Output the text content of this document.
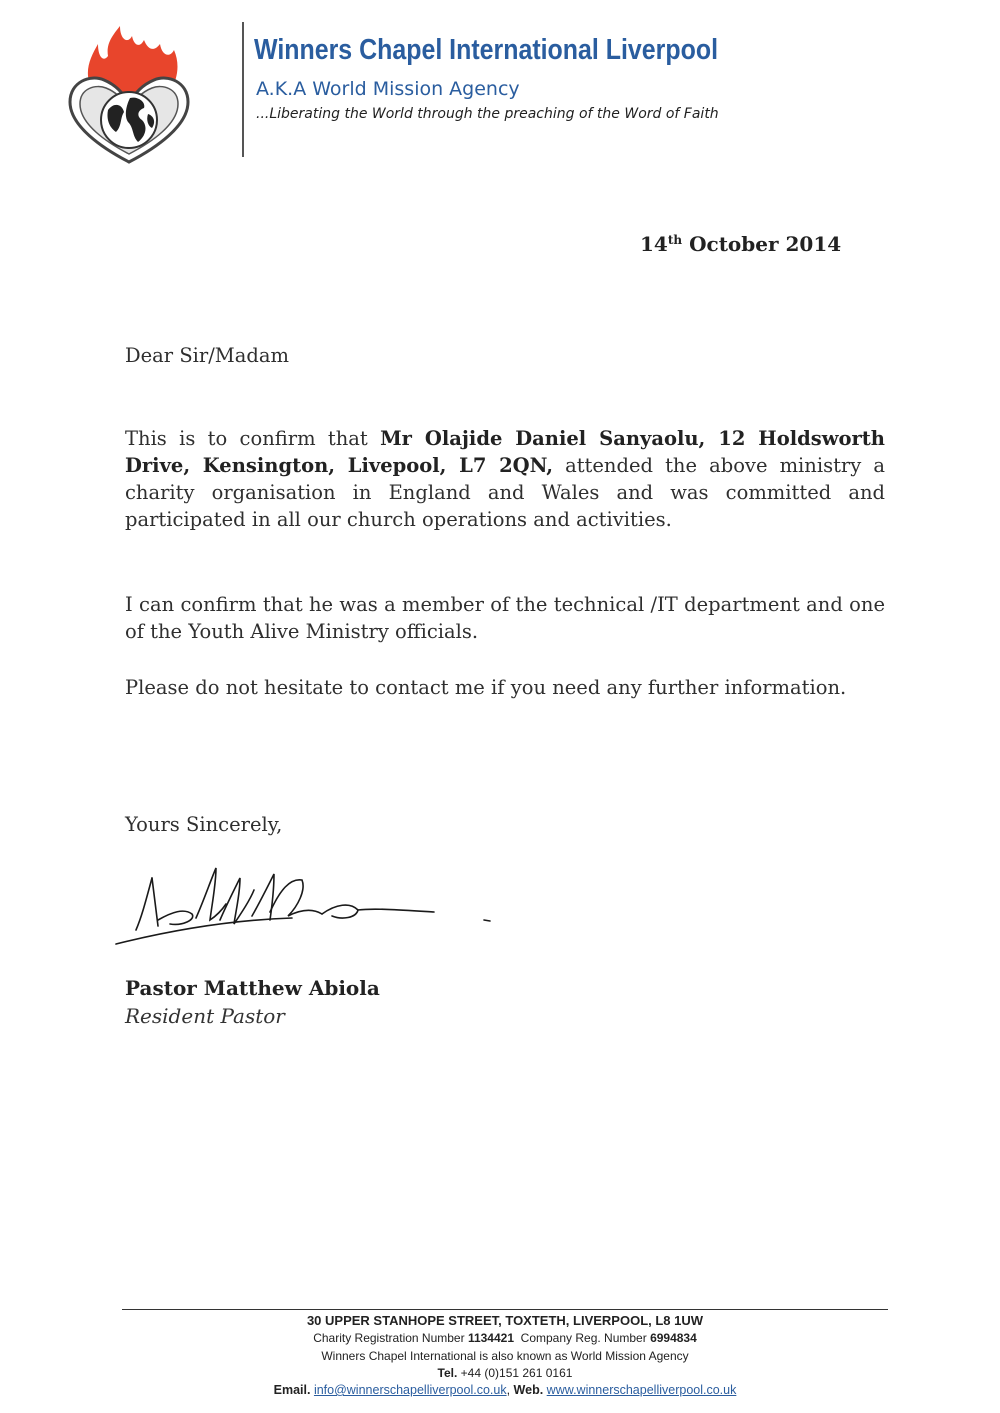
Winners Chapel International Liverpool
A.K.A World Mission Agency
...Liberating the World through the preaching of the Word of Faith
14th October 2014
Dear Sir/Madam
This is to confirm that Mr Olajide Daniel Sanyaolu, 12 Holdsworth Drive, Kensington, Livepool, L7 2QN, attended the above ministry a charity organisation in England and Wales and was committed and participated in all our church operations and activities.
I can confirm that he was a member of the technical /IT department and one of the Youth Alive Ministry officials.
Please do not hesitate to contact me if you need any further information.
Yours Sincerely,
Pastor Matthew Abiola
Resident Pastor
30 UPPER STANHOPE STREET, TOXTETH, LIVERPOOL, L8 1UW
Charity Registration Number 1134421  Company Reg. Number 6994834
Winners Chapel International is also known as World Mission Agency
Tel. +44 (0)151 261 0161
Email. info@winnerschapelliverpool.co.uk, Web. www.winnerschapelliverpool.co.uk
